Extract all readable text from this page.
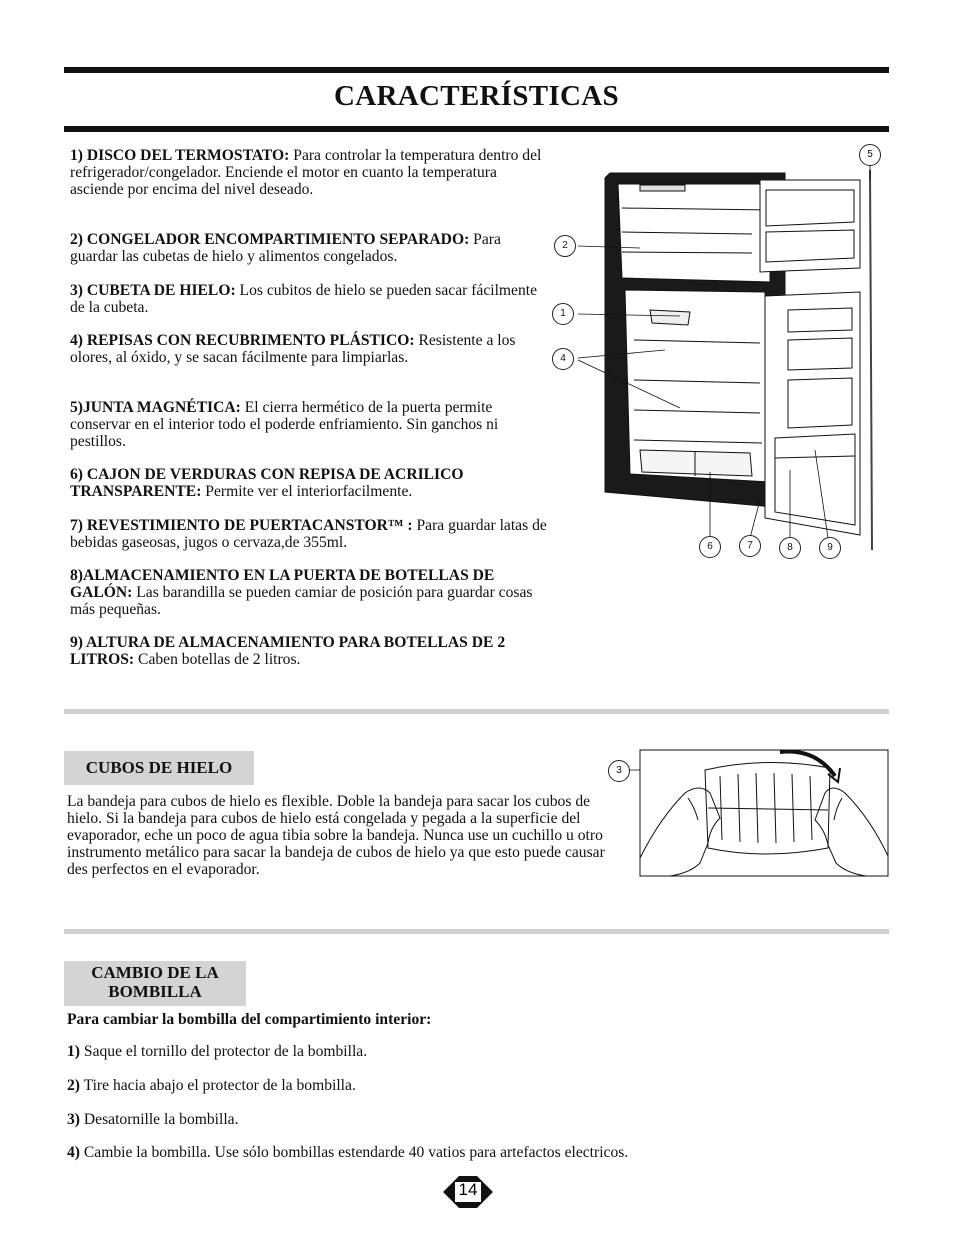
CARACTERÍSTICAS
1) DISCO DEL TERMOSTATO: Para controlar la temperatura dentro del refrigerador/congelador. Enciende el motor en cuanto la temperatura asciende por encima del nivel deseado.
2) CONGELADOR ENCOMPARTIMIENTO SEPARADO: Para guardar las cubetas de hielo y alimentos congelados.
3) CUBETA DE HIELO: Los cubitos de hielo se pueden sacar fácilmente de la cubeta.
4) REPISAS CON RECUBRIMENTO PLÁSTICO: Resistente a los olores, al óxido, y se sacan fácilmente para limpiarlas.
5)JUNTA MAGNÉTICA: El cierra hermético de la puerta permite conservar en el interior todo el poderde enfriamiento. Sin ganchos ni pestillos.
6) CAJON DE VERDURAS CON REPISA DE ACRILICO TRANSPARENTE: Permite ver el interiorfacilmente.
7) REVESTIMIENTO DE PUERTACANSTOR™ : Para guardar latas de bebidas gaseosas, jugos o cervaza,de 355ml.
8)ALMACENAMIENTO EN LA PUERTA DE BOTELLAS DE GALÓN: Las barandilla se pueden camiar de posición para guardar cosas más pequeñas.
9) ALTURA DE ALMACENAMIENTO PARA BOTELLAS DE 2 LITROS: Caben botellas de 2 litros.
5
2
1
4
6	7	8	9
CUBOS DE HIELO
La bandeja para cubos de hielo es flexible. Doble la bandeja para sacar los cubos de hielo. Si la bandeja para cubos de hielo está congelada y pegada a la superficie del evaporador, eche un poco de agua tibia sobre la bandeja. Nunca use un cuchillo u otro instrumento metálico para sacar la bandeja de cubos de hielo ya que esto puede causar des perfectos en el evaporador.
3
CAMBIO DE LA
BOMBILLA
Para cambiar la bombilla del compartimiento interior:
1) Saque el tornillo del protector de la bombilla.
2) Tire hacia abajo el protector de la bombilla.
3) Desatornille la bombilla.
4) Cambie la bombilla. Use sólo bombillas estendarde 40 vatios para artefactos electricos.
14
